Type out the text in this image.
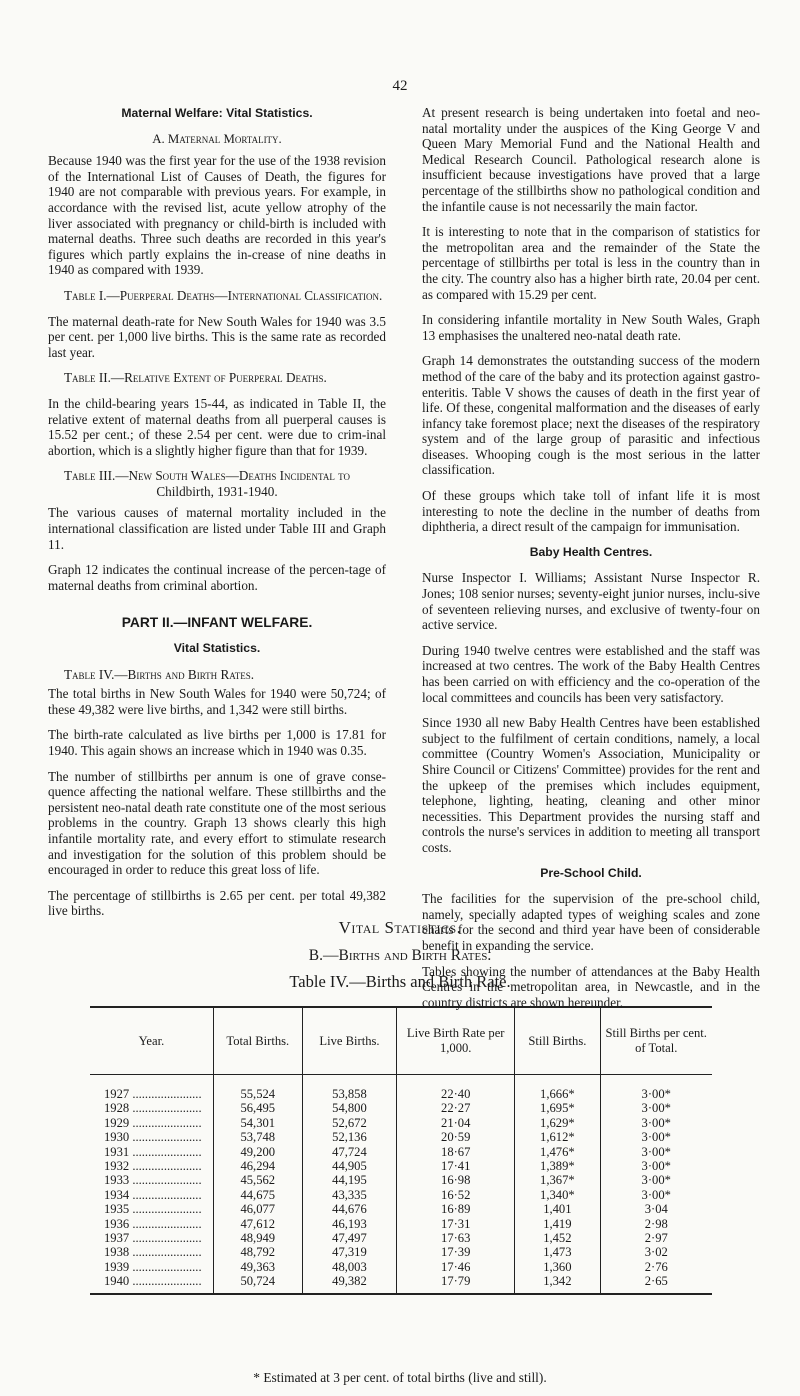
42
Maternal Welfare: Vital Statistics.
A. Maternal Mortality.

Because 1940 was the first year for the use of the 1938 revision of the International List of Causes of Death, the figures for 1940 are not comparable with previous years. For example, in accordance with the revised list, acute yellow atrophy of the liver associated with pregnancy or child-birth is included with maternal deaths. Three such deaths are recorded in this year's figures which partly explains the in-crease of nine deaths in 1940 as compared with 1939.

Table I.—Puerperal Deaths—International Classification.

The maternal death-rate for New South Wales for 1940 was 3.5 per cent. per 1,000 live births. This is the same rate as recorded last year.

Table II.—Relative Extent of Puerperal Deaths.

In the child-bearing years 15-44, as indicated in Table II, the relative extent of maternal deaths from all puerperal causes is 15.52 per cent.; of these 2.54 per cent. were due to crim-inal abortion, which is a slightly higher figure than that for 1939.

Table III.—New South Wales—Deaths Incidental to

Childbirth, 1931-1940.

The various causes of maternal mortality included in the international classification are listed under Table III and Graph 11.

Graph 12 indicates the continual increase of the percen-tage of maternal deaths from criminal abortion.

PART II.—INFANT WELFARE.
Vital Statistics.

Table IV.—Births and Birth Rates.

The total births in New South Wales for 1940 were 50,724; of these 49,382 were live births, and 1,342 were still births.

The birth-rate calculated as live births per 1,000 is 17.81 for 1940. This again shows an increase which in 1940 was 0.35.

The number of stillbirths per annum is one of grave conse-quence affecting the national welfare. These stillbirths and the persistent neo-natal death rate constitute one of the most serious problems in the country. Graph 13 shows clearly this high infantile mortality rate, and every effort to stimulate research and investigation for the solution of this problem should be encouraged in order to reduce this great loss of life.

The percentage of stillbirths is 2.65 per cent. per total 49,382 live births.

At present research is being undertaken into foetal and neo-natal mortality under the auspices of the King George V and Queen Mary Memorial Fund and the National Health and Medical Research Council. Pathological research alone is insufficient because investigations have proved that a large percentage of the stillbirths show no pathological condition and the infantile cause is not necessarily the main factor.

It is interesting to note that in the comparison of statistics for the metropolitan area and the remainder of the State the percentage of stillbirths per total is less in the country than in the city. The country also has a higher birth rate, 20.04 per cent. as compared with 15.29 per cent.

In considering infantile mortality in New South Wales, Graph 13 emphasises the unaltered neo-natal death rate.

Graph 14 demonstrates the outstanding success of the modern method of the care of the baby and its protection against gastro-enteritis. Table V shows the causes of death in the first year of life. Of these, congenital malformation and the diseases of early infancy take foremost place; next the diseases of the respiratory system and of the large group of parasitic and infectious diseases. Whooping cough is the most serious in the latter classification.

Of these groups which take toll of infant life it is most interesting to note the decline in the number of deaths from diphtheria, a direct result of the campaign for immunisation.

Baby Health Centres.

Nurse Inspector I. Williams; Assistant Nurse Inspector R. Jones; 108 senior nurses; seventy-eight junior nurses, inclu-sive of seventeen relieving nurses, and exclusive of twenty-four on active service.

During 1940 twelve centres were established and the staff was increased at two centres. The work of the Baby Health Centres has been carried on with efficiency and the co-operation of the local committees and councils has been very satisfactory.

Since 1930 all new Baby Health Centres have been established subject to the fulfilment of certain conditions, namely, a local committee (Country Women's Association, Municipality or Shire Council or Citizens' Committee) provides for the rent and the upkeep of the premises which includes equipment, telephone, lighting, heating, cleaning and other minor necessities. This Department provides the nursing staff and controls the nurse's services in addition to meeting all transport costs.

Pre-School Child.

The facilities for the supervision of the pre-school child, namely, specially adapted types of weighing scales and zone charts for the second and third year have been of considerable benefit in expanding the service.

Tables showing the number of attendances at the Baby Health Centres in the metropolitan area, in Newcastle, and in the country districts are shown hereunder.

Vital Statistics.
B.—Births and Birth Rates.
Table IV.—Births and Birth Rate.
Year.	Total Births.	Live Births.	Live Birth Rate per 1,000.	Still Births.	Still Births per cent. of Total.
1927 ......................	55,524	53,858	22·40	1,666*	3·00*
1928 ......................	56,495	54,800	22·27	1,695*	3·00*
1929 ......................	54,301	52,672	21·04	1,629*	3·00*
1930 ......................	53,748	52,136	20·59	1,612*	3·00*
1931 ......................	49,200	47,724	18·67	1,476*	3·00*
1932 ......................	46,294	44,905	17·41	1,389*	3·00*
1933 ......................	45,562	44,195	16·98	1,367*	3·00*
1934 ......................	44,675	43,335	16·52	1,340*	3·00*
1935 ......................	46,077	44,676	16·89	1,401	3·04
1936 ......................	47,612	46,193	17·31	1,419	2·98
1937 ......................	48,949	47,497	17·63	1,452	2·97
1938 ......................	48,792	47,319	17·39	1,473	3·02
1939 ......................	49,363	48,003	17·46	1,360	2·76
1940 ......................	50,724	49,382	17·79	1,342	2·65
* Estimated at 3 per cent. of total births (live and still).
